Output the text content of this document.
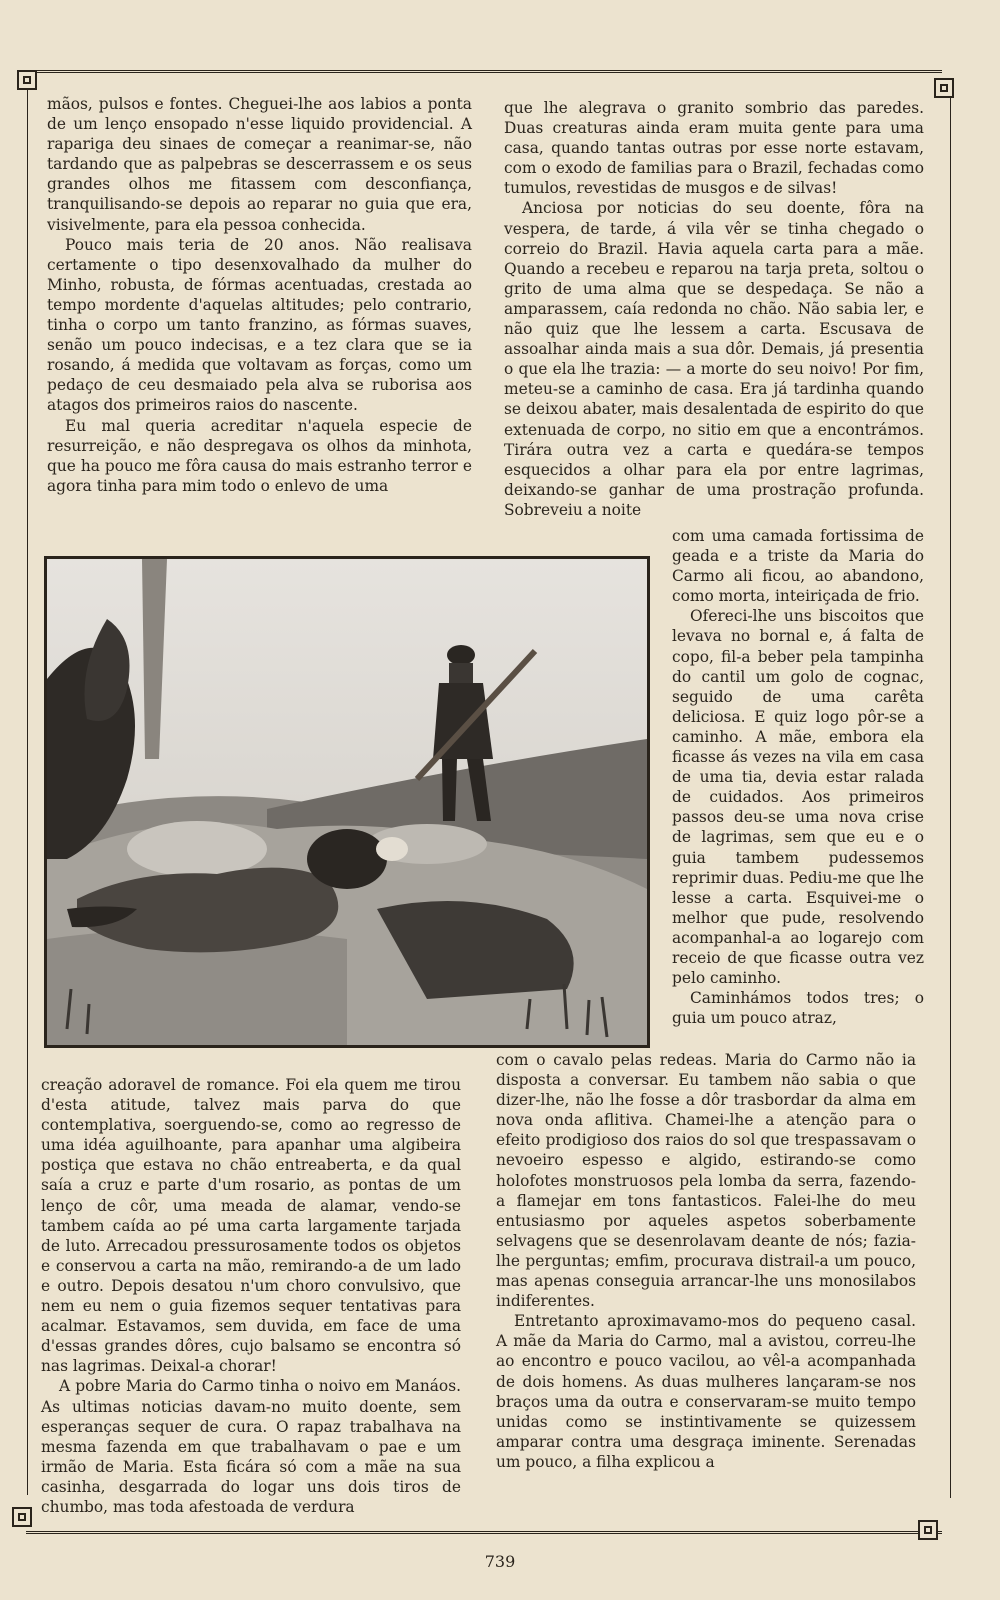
mãos, pulsos e fontes. Cheguei-lhe aos labios a ponta de um lenço ensopado n'esse liquido providencial. A rapariga deu sinaes de começar a reanimar-se, não tardando que as palpebras se descerrassem e os seus grandes olhos me fitassem com desconfiança, tranquilisando-se depois ao reparar no guia que era, visivelmente, para ela pessoa conhecida.

Pouco mais teria de 20 anos. Não realisava certamente o tipo desenxovalhado da mulher do Minho, robusta, de fórmas acentuadas, crestada ao tempo mordente d'aquelas altitudes; pelo contrario, tinha o corpo um tanto franzino, as fórmas suaves, senão um pouco indecisas, e a tez clara que se ia rosando, á medida que voltavam as forças, como um pedaço de ceu desmaiado pela alva se ruborisa aos atagos dos primeiros raios do nascente.

Eu mal queria acreditar n'aquela especie de resurreição, e não despregava os olhos da minhota, que ha pouco me fôra causa do mais estranho terror e agora tinha para mim todo o enlevo de uma

creação adoravel de romance. Foi ela quem me tirou d'esta atitude, talvez mais parva do que contemplativa, soerguendo-se, como ao regresso de uma idéa aguilhoante, para apanhar uma algibeira postiça que estava no chão entreaberta, e da qual saía a cruz e parte d'um rosario, as pontas de um lenço de côr, uma meada de alamar, vendo-se tambem caída ao pé uma carta largamente tarjada de luto. Arrecadou pressurosamente todos os objetos e conservou a carta na mão, remirando-a de um lado e outro. Depois desatou n'um choro convulsivo, que nem eu nem o guia fizemos sequer tentativas para acalmar. Estavamos, sem duvida, em face de uma d'essas grandes dôres, cujo balsamo se encontra só nas lagrimas. Deixal-a chorar!

A pobre Maria do Carmo tinha o noivo em Manáos. As ultimas noticias davam-no muito doente, sem esperanças sequer de cura. O rapaz trabalhava na mesma fazenda em que trabalhavam o pae e um irmão de Maria. Esta ficára só com a mãe na sua casinha, desgarrada do logar uns dois tiros de chumbo, mas toda afestoada de verdura

que lhe alegrava o granito sombrio das paredes. Duas creaturas ainda eram muita gente para uma casa, quando tantas outras por esse norte estavam, com o exodo de familias para o Brazil, fechadas como tumulos, revestidas de musgos e de silvas!

Anciosa por noticias do seu doente, fôra na vespera, de tarde, á vila vêr se tinha chegado o correio do Brazil. Havia aquela carta para a mãe. Quando a recebeu e reparou na tarja preta, soltou o grito de uma alma que se despedaça. Se não a amparassem, caía redonda no chão. Não sabia ler, e não quiz que lhe lessem a carta. Escusava de assoalhar ainda mais a sua dôr. Demais, já presentia o que ela lhe trazia: — a morte do seu noivo! Por fim, meteu-se a caminho de casa. Era já tardinha quando se deixou abater, mais desalentada de espirito do que extenuada de corpo, no sitio em que a encontrámos. Tirára outra vez a carta e quedára-se tempos esquecidos a olhar para ela por entre lagrimas, deixando-se ganhar de uma prostração profunda. Sobreveiu a noite

com uma camada fortissima de geada e a triste da Maria do Carmo ali ficou, ao abandono, como morta, inteiriçada de frio.

Ofereci-lhe uns biscoitos que levava no bornal e, á falta de copo, fil-a beber pela tampinha do cantil um golo de cognac, seguido de uma carêta deliciosa. E quiz logo pôr-se a caminho. A mãe, embora ela ficasse ás vezes na vila em casa de uma tia, devia estar ralada de cuidados. Aos primeiros passos deu-se uma nova crise de lagrimas, sem que eu e o guia tambem pudessemos reprimir duas. Pediu-me que lhe lesse a carta. Esquivei-me o melhor que pude, resolvendo acompanhal-a ao logarejo com receio de que ficasse outra vez pelo caminho.

Caminhámos todos tres; o guia um pouco atraz,

com o cavalo pelas redeas. Maria do Carmo não ia disposta a conversar. Eu tambem não sabia o que dizer-lhe, não lhe fosse a dôr trasbordar da alma em nova onda aflitiva. Chamei-lhe a atenção para o efeito prodigioso dos raios do sol que trespassavam o nevoeiro espesso e algido, estirando-se como holofotes monstruosos pela lomba da serra, fazendo-a flamejar em tons fantasticos. Falei-lhe do meu entusiasmo por aqueles aspetos soberbamente selvagens que se desenrolavam deante de nós; fazia-lhe perguntas; emfim, procurava distrail-a um pouco, mas apenas conseguia arrancar-lhe uns monosilabos indiferentes.

Entretanto aproximavamo-mos do pequeno casal. A mãe da Maria do Carmo, mal a avistou, correu-lhe ao encontro e pouco vacilou, ao vêl-a acompanhada de dois homens. As duas mulheres lançaram-se nos braços uma da outra e conservaram-se muito tempo unidas como se instintivamente se quizessem amparar contra uma desgraça iminente. Serenadas um pouco, a filha explicou a

739
